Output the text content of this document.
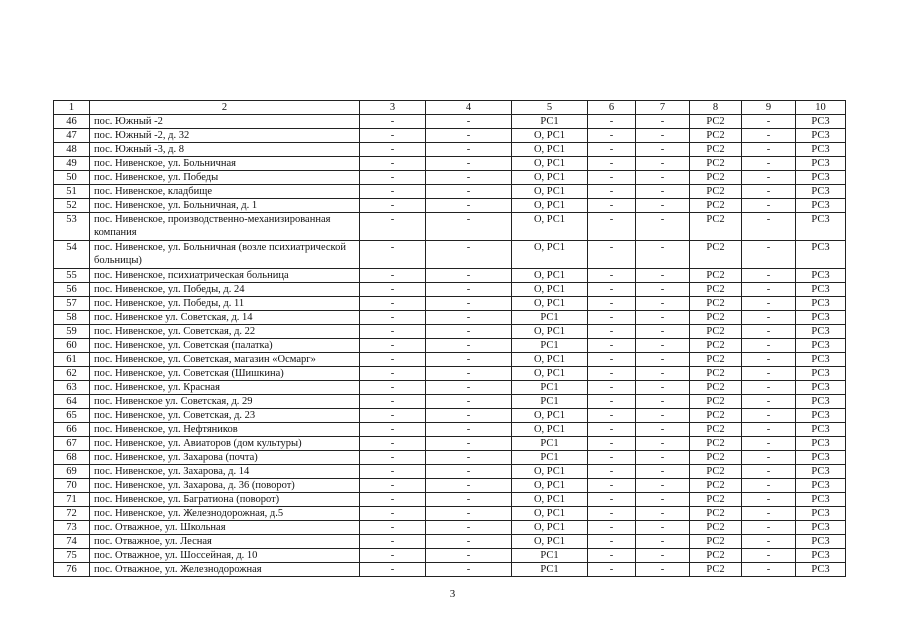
1	2	3	4	5	6	7	8	9	10
46	пос. Южный -2	-	-	РС1	-	-	РС2	-	РС3
47	пос. Южный -2, д. 32	-	-	О, РС1	-	-	РС2	-	РС3
48	пос. Южный -3, д. 8	-	-	О, РС1	-	-	РС2	-	РС3
49	пос. Нивенское, ул. Больничная	-	-	О, РС1	-	-	РС2	-	РС3
50	пос. Нивенское, ул. Победы	-	-	О, РС1	-	-	РС2	-	РС3
51	пос. Нивенское, кладбище	-	-	О, РС1	-	-	РС2	-	РС3
52	пос. Нивенское, ул. Больничная, д. 1	-	-	О, РС1	-	-	РС2	-	РС3
53	пос. Нивенское, производственно-механизированная компания	-	-	О, РС1	-	-	РС2	-	РС3
54	пос. Нивенское, ул. Больничная (возле психиатрической больницы)	-	-	О, РС1	-	-	РС2	-	РС3
55	пос. Нивенское, психиатрическая больница	-	-	О, РС1	-	-	РС2	-	РС3
56	пос. Нивенское, ул. Победы, д. 24	-	-	О, РС1	-	-	РС2	-	РС3
57	пос. Нивенское, ул. Победы, д. 11	-	-	О, РС1	-	-	РС2	-	РС3
58	пос. Нивенское ул. Советская, д. 14	-	-	РС1	-	-	РС2	-	РС3
59	пос. Нивенское, ул. Советская, д. 22	-	-	О, РС1	-	-	РС2	-	РС3
60	пос. Нивенское, ул. Советская (палатка)	-	-	РС1	-	-	РС2	-	РС3
61	пос. Нивенское, ул. Советская, магазин «Осмарг»	-	-	О, РС1	-	-	РС2	-	РС3
62	пос. Нивенское, ул. Советская (Шишкина)	-	-	О, РС1	-	-	РС2	-	РС3
63	пос. Нивенское, ул. Красная	-	-	РС1	-	-	РС2	-	РС3
64	пос. Нивенское ул. Советская, д. 29	-	-	РС1	-	-	РС2	-	РС3
65	пос. Нивенское, ул. Советская, д. 23	-	-	О, РС1	-	-	РС2	-	РС3
66	пос. Нивенское, ул. Нефтяников	-	-	О, РС1	-	-	РС2	-	РС3
67	пос. Нивенское, ул. Авиаторов (дом культуры)	-	-	РС1	-	-	РС2	-	РС3
68	пос. Нивенское, ул. Захарова (почта)	-	-	РС1	-	-	РС2	-	РС3
69	пос. Нивенское, ул. Захарова, д. 14	-	-	О, РС1	-	-	РС2	-	РС3
70	пос. Нивенское, ул. Захарова, д. 36 (поворот)	-	-	О, РС1	-	-	РС2	-	РС3
71	пос. Нивенское, ул. Багратиона (поворот)	-	-	О, РС1	-	-	РС2	-	РС3
72	пос. Нивенское, ул. Железнодорожная, д.5	-	-	О, РС1	-	-	РС2	-	РС3
73	пос. Отважное, ул. Школьная	-	-	О, РС1	-	-	РС2	-	РС3
74	пос. Отважное, ул. Лесная	-	-	О, РС1	-	-	РС2	-	РС3
75	пос. Отважное, ул. Шоссейная, д. 10	-	-	РС1	-	-	РС2	-	РС3
76	пос. Отважное, ул. Железнодорожная	-	-	РС1	-	-	РС2	-	РС3
3
